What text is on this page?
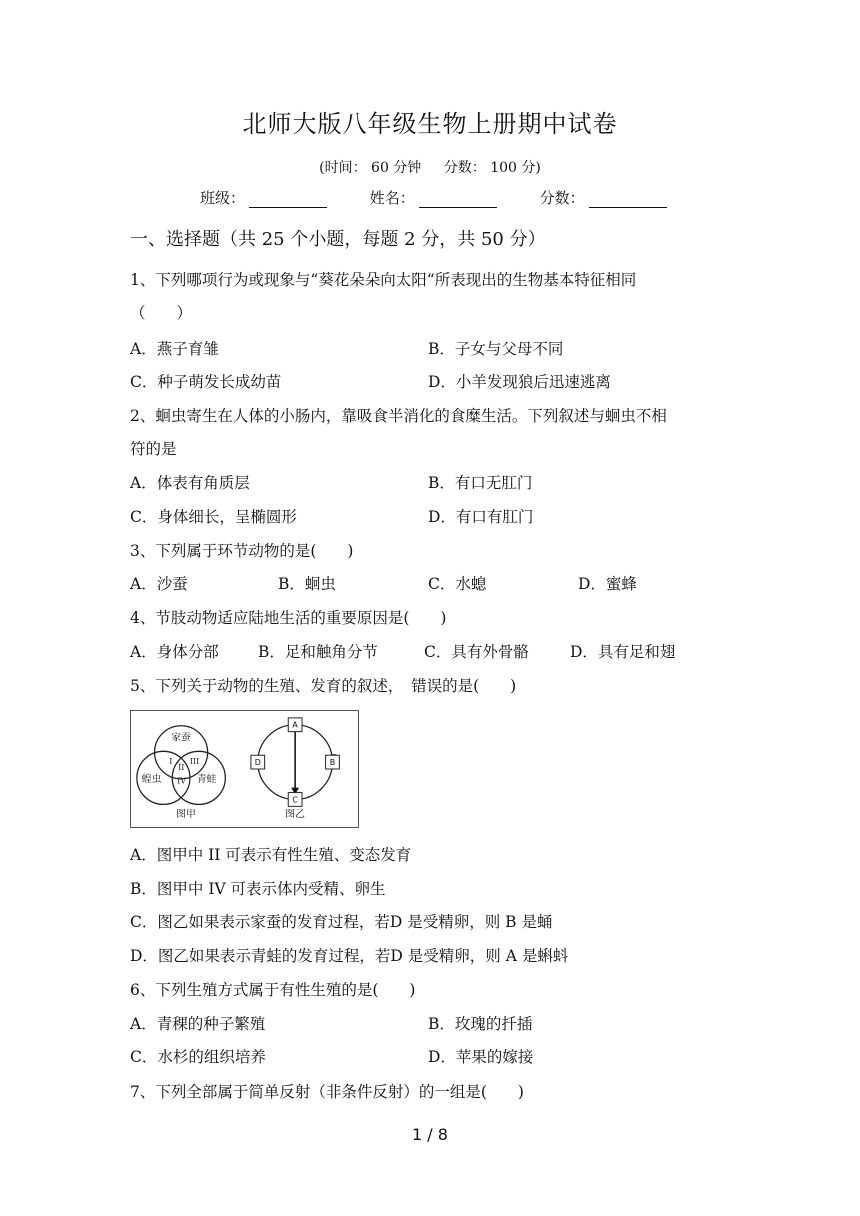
北师大版八年级生物上册期中试卷
(时间： 60 分钟 分数： 100 分)
班级：	姓名：	分数：
一、选择题（共 25 个小题，每题 2 分，共 50 分）
1、下列哪项行为或现象与“葵花朵朵向太阳“所表现出的生物基本特征相同
（　　）
A．燕子育雏	B．子女与父母不同
C．种子萌发长成幼苗	D．小羊发现狼后迅速逃离
2、蛔虫寄生在人体的小肠内，靠吸食半消化的食糜生活。下列叙述与蛔虫不相
符的是
A．体表有角质层	B．有口无肛门
C．身体细长，呈椭圆形	D．有口有肛门
3、下列属于环节动物的是(　　)
A．沙蚕	B．蛔虫	C．水螅	D．蜜蜂
4、节肢动物适应陆地生活的重要原因是(　　)
A．身体分部	B．足和触角分节	C．具有外骨骼	D．具有足和翅
5、下列关于动物的生殖、发育的叙述，　错误的是(　　)
家蚕
蝗虫	青蛙
图甲	图乙
I
II
III
IV
A
B
C
D
A．图甲中 II 可表示有性生殖、变态发育
B．图甲中 IV 可表示体内受精、卵生
C．图乙如果表示家蚕的发育过程，若D 是受精卵，则 B 是蛹
D．图乙如果表示青蛙的发育过程，若D 是受精卵，则 A 是蝌蚪
6、下列生殖方式属于有性生殖的是(　　)
A．青稞的种子繁殖	B．玫瑰的扦插
C．水杉的组织培养	D．苹果的嫁接
7、下列全部属于简单反射（非条件反射）的一组是(　　)
1 / 8
